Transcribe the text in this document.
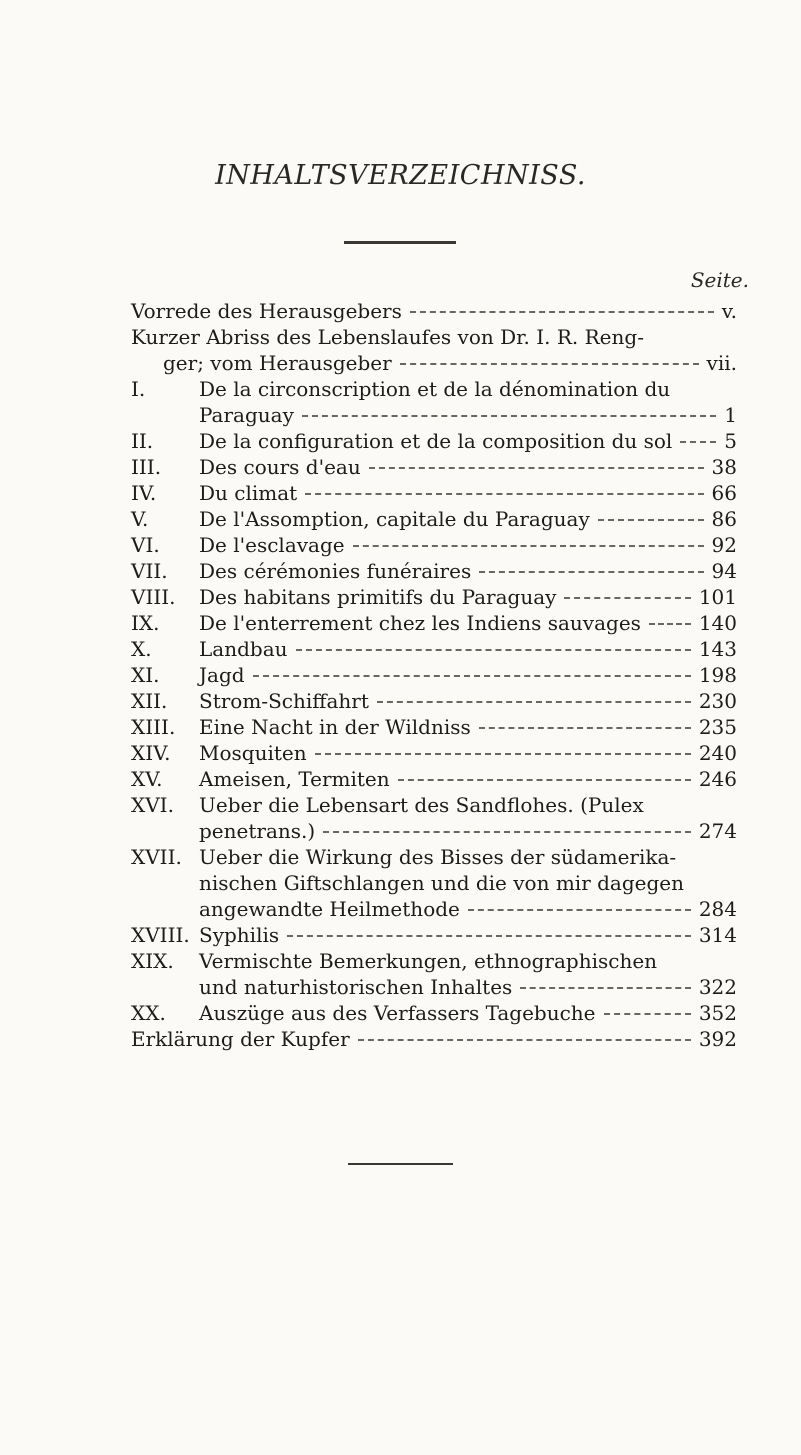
INHALTSVERZEICHNISS.
Seite.
Vorrede des Herausgebers	v.
Kurzer Abriss des Lebenslaufes von Dr. I. R. Reng-
ger; vom Herausgeber	vii.
I.	De la circonscription et de la dénomination du
Paraguay	1
II. De la configuration et de la composition du sol	5
III. Des cours d'eau	38
IV. Du climat	66
V.	De l'Assomption, capitale du Paraguay	86
VI. De l'esclavage	92
VII. Des cérémonies funéraires	94
VIII. Des habitans primitifs du Paraguay	101
IX. De l'enterrement chez les Indiens sauvages	140
X. Landbau	143
XI. Jagd	198
XII. Strom-Schiffahrt	230
XIII. Eine Nacht in der Wildniss	235
XIV. Mosquiten	240
XV. Ameisen, Termiten	246
XVI. Ueber die Lebensart des Sandflohes. (Pulex
penetrans.)	274
XVII. Ueber die Wirkung des Bisses der südamerika-
nischen Giftschlangen und die von mir dagegen
angewandte Heilmethode	284
XVIII. Syphilis	314
XIX. Vermischte Bemerkungen, ethnographischen
und naturhistorischen Inhaltes	322
XX. Auszüge aus des Verfassers Tagebuche	352
Erklärung der Kupfer	392
